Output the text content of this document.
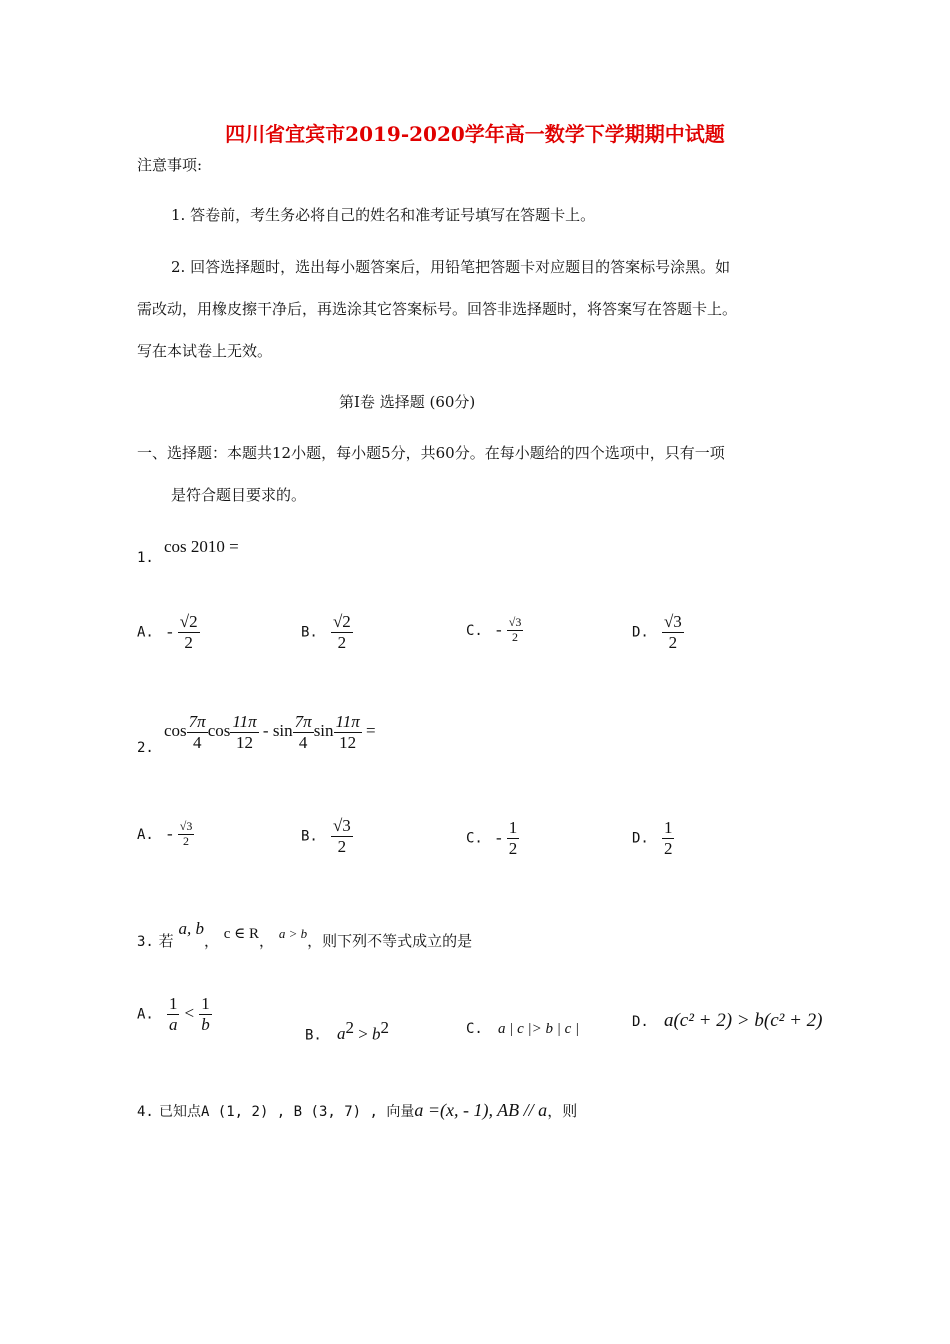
四川省宜宾市2019-2020学年高一数学下学期期中试题
注意事项:
1. 答卷前，考生务必将自己的姓名和准考证号填写在答题卡上。
2. 回答选择题时，选出每小题答案后，用铅笔把答题卡对应题目的答案标号涂黑。如
需改动，用橡皮擦干净后，再选涂其它答案标号。回答非选择题时，将答案写在答题卡上。
写在本试卷上无效。
第I卷 选择题 (60分)
一、选择题：本题共12小题，每小题5分，共60分。在每小题给的四个选项中，只有一项
是符合题目要求的。
1.
cos 2010 =
A. - $\frac{√2}{2}$	B. $\frac{√2}{2}$	C. - $\frac{√3}{2}$	D. $\frac{√3}{2}$
2.
$\cos \frac{7\pi}{4}$ $\cos \frac{11\pi}{12}$ - $\sin \frac{7\pi}{4}$ $\sin \frac{11\pi}{12}$ =
A. - $\frac{√3}{2}$	B. $\frac{√3}{2}$	C. - $\frac{1}{2}$	D. $\frac{1}{2}$
3. 若 a, b， c ∈ R， a > b，则下列不等式成立的是
A. $\frac{1}{a} < \frac{1}{b}$
B. $a^2 > b^2$	C. a | c |> b | c |	D. a(c² + 2) > b(c² + 2)
4. 已知点A (1, 2) , B (3, 7) , 向量a =(x, - 1), AB // a，则
